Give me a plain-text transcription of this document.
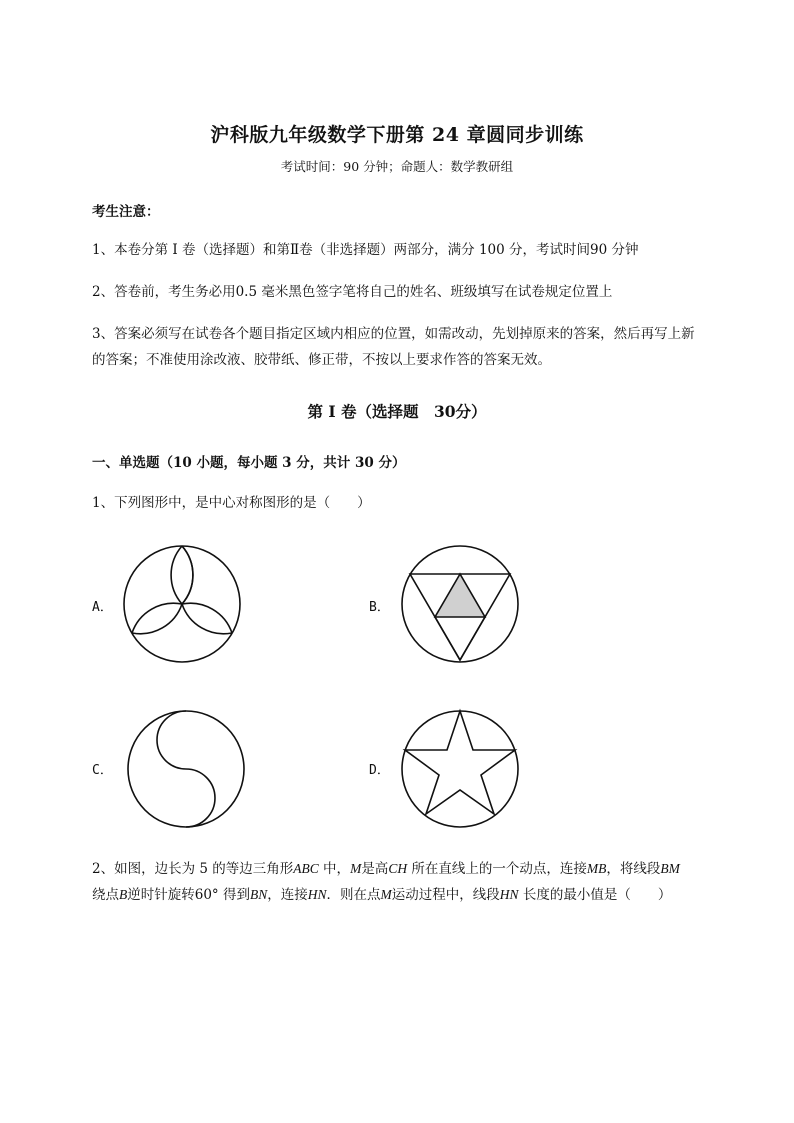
沪科版九年级数学下册第 24 章圆同步训练
考试时间：90 分钟；命题人：数学教研组
考生注意：
1、本卷分第 I 卷（选择题）和第Ⅱ卷（非选择题）两部分，满分 100 分，考试时间90 分钟
2、答卷前，考生务必用0.5 毫米黑色签字笔将自己的姓名、班级填写在试卷规定位置上
3、答案必须写在试卷各个题目指定区域内相应的位置，如需改动，先划掉原来的答案，然后再写上新
的答案；不准使用涂改液、胶带纸、修正带，不按以上要求作答的答案无效。
第 I 卷（选择题　30分）
一、单选题（10 小题，每小题 3 分，共计 30 分）
1、下列图形中，是中心对称图形的是（　　）
A．	B．
C．	D．
2、如图，边长为 5 的等边三角形ABC 中，M是高CH 所在直线上的一个动点，连接MB，将线段BM
绕点B逆时针旋转60° 得到BN，连接HN．则在点M运动过程中，线段HN 长度的最小值是（　　）
